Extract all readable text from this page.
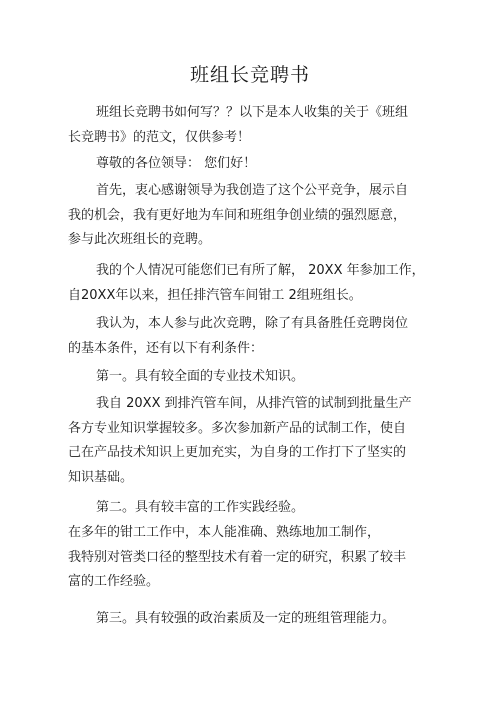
班组长竞聘书
班组长竞聘书如何写？？以下是本人收集的关于《班组
长竞聘书》的范文，仅供参考！
尊敬的各位领导： 您们好！
首先，衷心感谢领导为我创造了这个公平竞争，展示自
我的机会，我有更好地为车间和班组争创业绩的强烈愿意，
参与此次班组长的竞聘。
我的个人情况可能您们已有所了解， 20XX 年参加工作，
自20XX年以来，担任排汽管车间钳工 2组班组长。
我认为，本人参与此次竞聘，除了有具备胜任竞聘岗位
的基本条件，还有以下有利条件：
第一。具有较全面的专业技术知识。
我自 20XX 到排汽管车间，从排汽管的试制到批量生产
各方专业知识掌握较多。多次参加新产品的试制工作，使自
己在产品技术知识上更加充实，为自身的工作打下了坚实的
知识基础。
第二。具有较丰富的工作实践经验。
在多年的钳工工作中，本人能准确、熟练地加工制作，
我特别对管类口径的整型技术有着一定的研究，积累了较丰
富的工作经验。
第三。具有较强的政治素质及一定的班组管理能力。
